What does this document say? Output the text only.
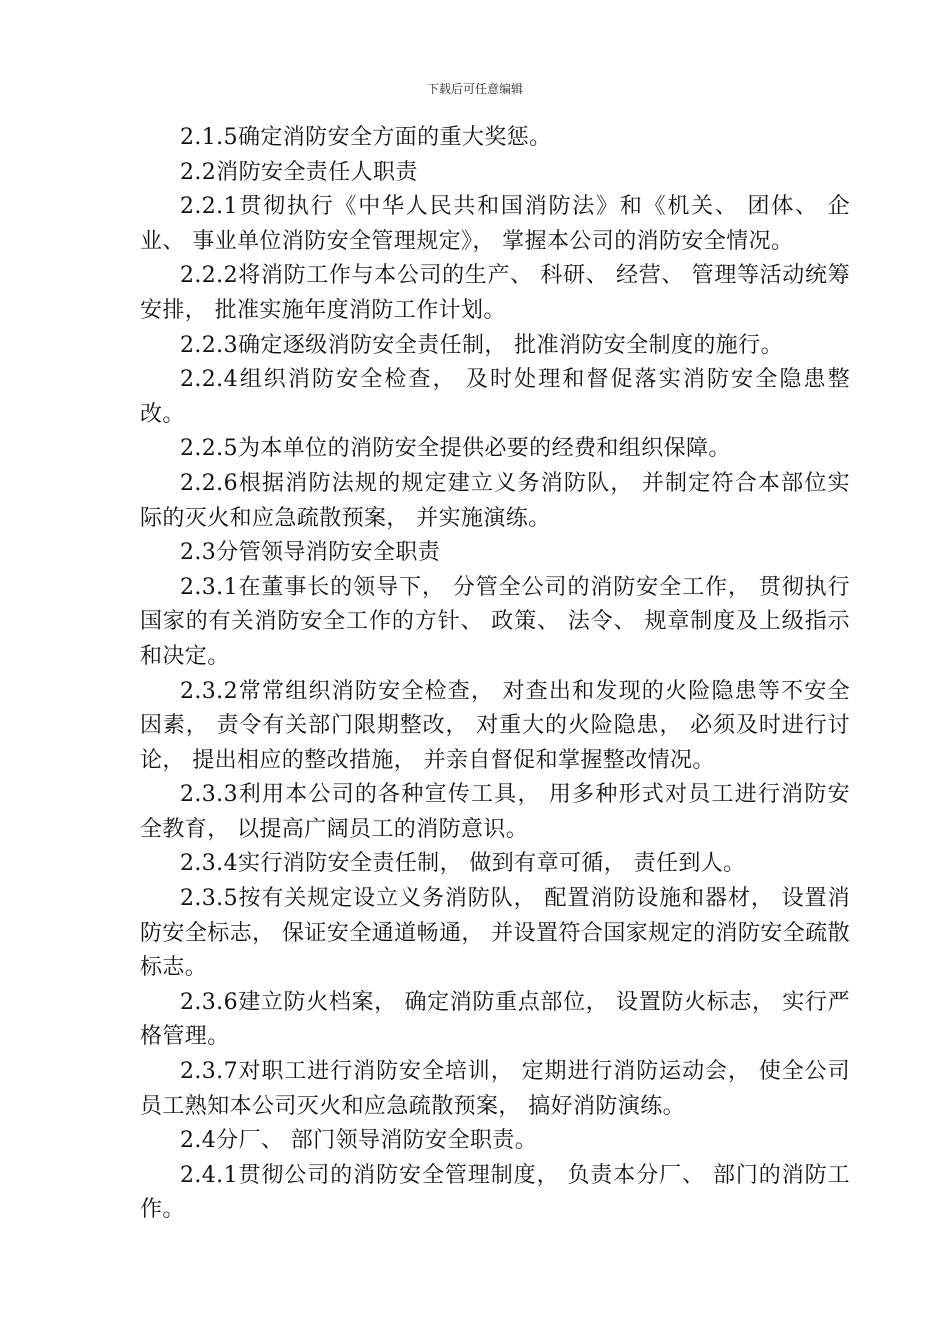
下载后可任意编辑

2.1.5确定消防安全方面的重大奖惩。

2.2消防安全责任人职责

2.2.1贯彻执行《中华人民共和国消防法》和《机关、 团体、 企业、 事业单位消防安全管理规定》， 掌握本公司的消防安全情况。

2.2.2将消防工作与本公司的生产、 科研、 经营、 管理等活动统筹安排， 批准实施年度消防工作计划。

2.2.3确定逐级消防安全责任制， 批准消防安全制度的施行。

2.2.4组织消防安全检查， 及时处理和督促落实消防安全隐患整改。

2.2.5为本单位的消防安全提供必要的经费和组织保障。

2.2.6根据消防法规的规定建立义务消防队， 并制定符合本部位实际的灭火和应急疏散预案， 并实施演练。

2.3分管领导消防安全职责

2.3.1在董事长的领导下， 分管全公司的消防安全工作， 贯彻执行国家的有关消防安全工作的方针、 政策、 法令、 规章制度及上级指示和决定。

2.3.2常常组织消防安全检查， 对查出和发现的火险隐患等不安全因素， 责令有关部门限期整改， 对重大的火险隐患， 必须及时进行讨论， 提出相应的整改措施， 并亲自督促和掌握整改情况。

2.3.3利用本公司的各种宣传工具， 用多种形式对员工进行消防安全教育， 以提高广阔员工的消防意识。

2.3.4实行消防安全责任制， 做到有章可循， 责任到人。

2.3.5按有关规定设立义务消防队， 配置消防设施和器材， 设置消防安全标志， 保证安全通道畅通， 并设置符合国家规定的消防安全疏散标志。

2.3.6建立防火档案， 确定消防重点部位， 设置防火标志， 实行严格管理。

2.3.7对职工进行消防安全培训， 定期进行消防运动会， 使全公司员工熟知本公司灭火和应急疏散预案， 搞好消防演练。

2.4分厂、 部门领导消防安全职责。

2.4.1贯彻公司的消防安全管理制度， 负责本分厂、 部门的消防工作。
